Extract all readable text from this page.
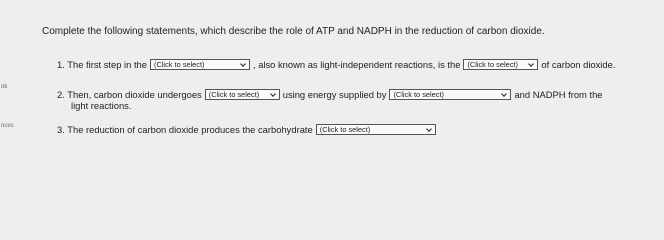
ok
nces
Complete the following statements, which describe the role of ATP and NADPH in the reduction of carbon dioxide.
1. The first step in the (Click to select)	, also known as light-independent reactions, is the (Click to select) of carbon dioxide.
2. Then, carbon dioxide undergoes (Click to select) using energy supplied by (Click to select)	and NADPH from the
light reactions.
3. The reduction of carbon dioxide produces the carbohydrate (Click to select)
